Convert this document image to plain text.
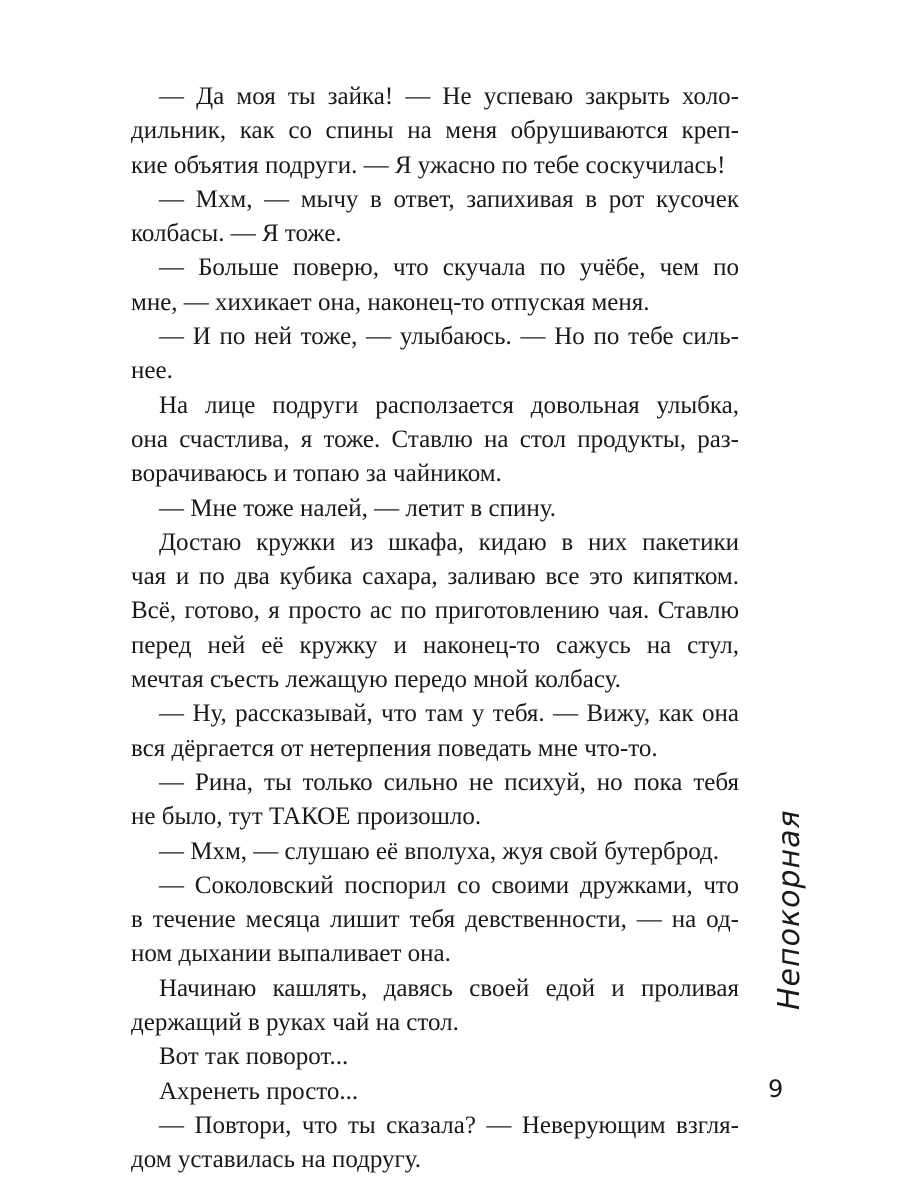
— Да моя ты зайка! — Не успеваю закрыть холо-
дильник, как со спины на меня обрушиваются креп-
кие объятия подруги. — Я ужасно по тебе соскучилась!
— Мхм, — мычу в ответ, запихивая в рот кусочек
колбасы. — Я тоже.
— Больше поверю, что скучала по учёбе, чем по
мне, — хихикает она, наконец-то отпуская меня.
— И по ней тоже, — улыбаюсь. — Но по тебе силь-
нее.
На лице подруги расползается довольная улыбка,
она счастлива, я тоже. Ставлю на стол продукты, раз-
ворачиваюсь и топаю за чайником.
— Мне тоже налей, — летит в спину.
Достаю кружки из шкафа, кидаю в них пакетики
чая и по два кубика сахара, заливаю все это кипятком.
Всё, готово, я просто ас по приготовлению чая. Ставлю
перед ней её кружку и наконец-то сажусь на стул,
мечтая съесть лежащую передо мной колбасу.
— Ну, рассказывай, что там у тебя. — Вижу, как она
вся дёргается от нетерпения поведать мне что-то.
— Рина, ты только сильно не психуй, но пока тебя
не было, тут ТАКОЕ произошло.
— Мхм, — слушаю её вполуха, жуя свой бутерброд.
— Соколовский поспорил со своими дружками, что
в течение месяца лишит тебя девственности, — на од-
ном дыхании выпаливает она.
Начинаю кашлять, давясь своей едой и проливая
держащий в руках чай на стол.
Вот так поворот...
Ахренеть просто...
— Повтори, что ты сказала? — Неверующим взгля-
дом уставилась на подругу.
Непокорная
9
